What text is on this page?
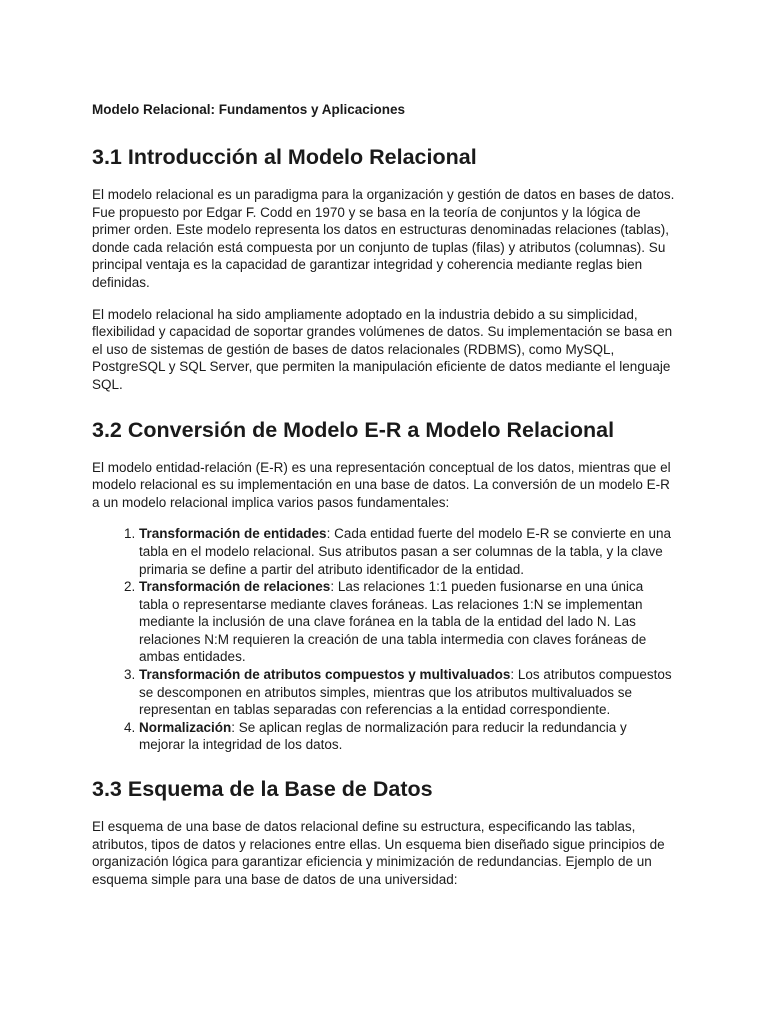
Modelo Relacional: Fundamentos y Aplicaciones
3.1 Introducción al Modelo Relacional

El modelo relacional es un paradigma para la organización y gestión de datos en bases de datos. Fue propuesto por Edgar F. Codd en 1970 y se basa en la teoría de conjuntos y la lógica de primer orden. Este modelo representa los datos en estructuras denominadas relaciones (tablas), donde cada relación está compuesta por un conjunto de tuplas (filas) y atributos (columnas). Su principal ventaja es la capacidad de garantizar integridad y coherencia mediante reglas bien definidas.

El modelo relacional ha sido ampliamente adoptado en la industria debido a su simplicidad, flexibilidad y capacidad de soportar grandes volúmenes de datos. Su implementación se basa en el uso de sistemas de gestión de bases de datos relacionales (RDBMS), como MySQL, PostgreSQL y SQL Server, que permiten la manipulación eficiente de datos mediante el lenguaje SQL.

3.2 Conversión de Modelo E-R a Modelo Relacional

El modelo entidad-relación (E-R) es una representación conceptual de los datos, mientras que el modelo relacional es su implementación en una base de datos. La conversión de un modelo E-R a un modelo relacional implica varios pasos fundamentales:

1. Transformación de entidades: Cada entidad fuerte del modelo E-R se convierte en una tabla en el modelo relacional. Sus atributos pasan a ser columnas de la tabla, y la clave primaria se define a partir del atributo identificador de la entidad.
2. Transformación de relaciones: Las relaciones 1:1 pueden fusionarse en una única tabla o representarse mediante claves foráneas. Las relaciones 1:N se implementan mediante la inclusión de una clave foránea en la tabla de la entidad del lado N. Las relaciones N:M requieren la creación de una tabla intermedia con claves foráneas de ambas entidades.
3. Transformación de atributos compuestos y multivaluados: Los atributos compuestos se descomponen en atributos simples, mientras que los atributos multivaluados se representan en tablas separadas con referencias a la entidad correspondiente.
4. Normalización: Se aplican reglas de normalización para reducir la redundancia y mejorar la integridad de los datos.
3.3 Esquema de la Base de Datos

El esquema de una base de datos relacional define su estructura, especificando las tablas, atributos, tipos de datos y relaciones entre ellas. Un esquema bien diseñado sigue principios de organización lógica para garantizar eficiencia y minimización de redundancias. Ejemplo de un esquema simple para una base de datos de una universidad:
